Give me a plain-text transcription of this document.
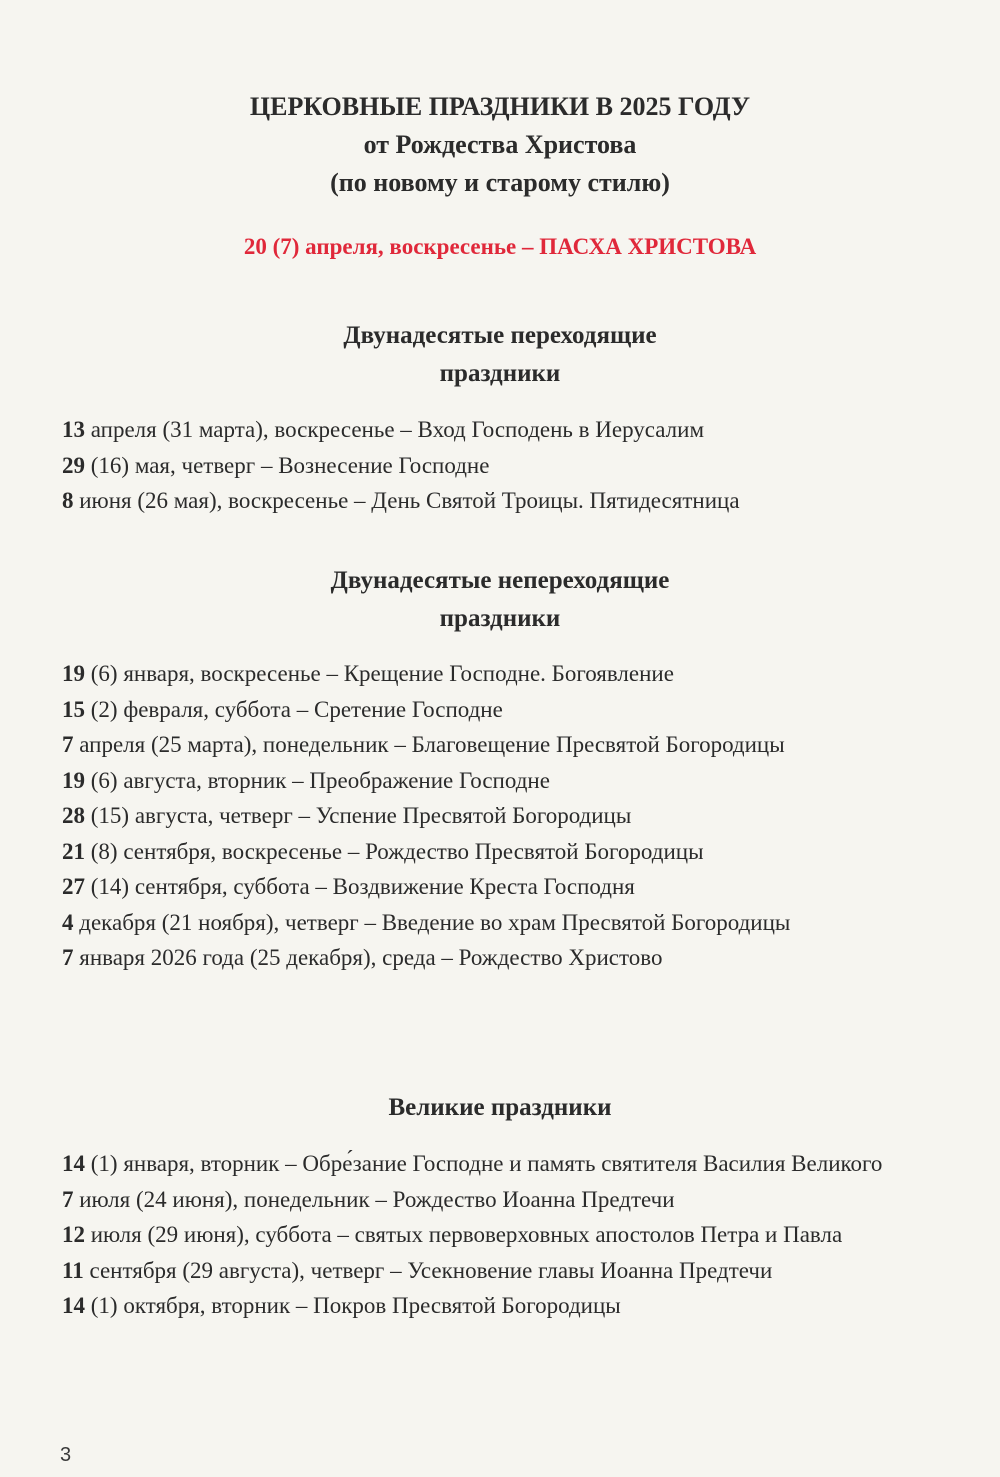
ЦЕРКОВНЫЕ ПРАЗДНИКИ В 2025 ГОДУ
от Рождества Христова
(по новому и старому стилю)
20 (7) апреля, воскресенье – ПАСХА ХРИСТОВА
Двунадесятые переходящие
праздники
13 апреля (31 марта), воскресенье – Вход Господень в Иерусалим
29 (16) мая, четверг – Вознесение Господне
8 июня (26 мая), воскресенье – День Святой Троицы. Пятидесятница
Двунадесятые непереходящие
праздники
19 (6) января, воскресенье – Крещение Господне. Богоявление
15 (2) февраля, суббота – Сретение Господне
7 апреля (25 марта), понедельник – Благовещение Пресвятой Богородицы
19 (6) августа, вторник – Преображение Господне
28 (15) августа, четверг – Успение Пресвятой Богородицы
21 (8) сентября, воскресенье – Рождество Пресвятой Богородицы
27 (14) сентября, суббота – Воздвижение Креста Господня
4 декабря (21 ноября), четверг – Введение во храм Пресвятой Богородицы
7 января 2026 года (25 декабря), среда – Рождество Христово
Великие праздники
14 (1) января, вторник – Обре́зание Господне и память святителя Василия Великого
7 июля (24 июня), понедельник – Рождество Иоанна Предтечи
12 июля (29 июня), суббота – святых первоверховных апостолов Петра и Павла
11 сентября (29 августа), четверг – Усекновение главы Иоанна Предтечи
14 (1) октября, вторник – Покров Пресвятой Богородицы
3
